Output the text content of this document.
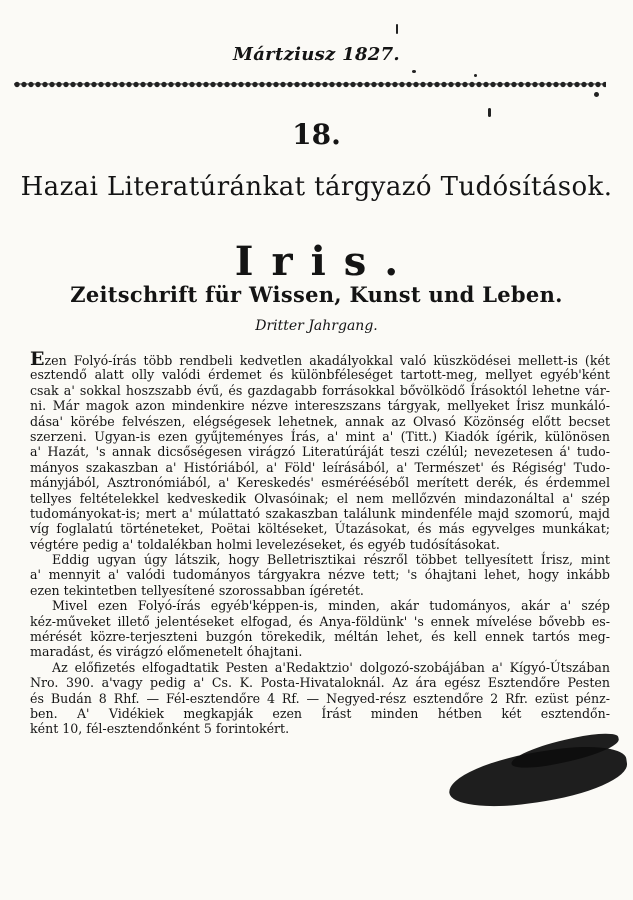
Mártziusz 1827.
18.
Hazai Literatúránkat tárgyazó Tudósítások.
Iris.
Zeitschrift für Wissen, Kunst und Leben.
Dritter Jahrgang.
Ezen Folyó-írás több rendbeli kedvetlen akadályokkal való küszködései mellett-is (két
esztendő alatt olly valódi érdemet és különbféleséget tartott-meg, mellyet egyéb'ként
csak a' sokkal hoszszabb évű, és gazdagabb forrásokkal bővölködő Írásoktól lehetne vár-
ni. Már magok azon mindenkire nézve intereszszans tárgyak, mellyeket Írisz munkáló-
dása' körébe felvészen, elégségesek lehetnek, annak az Olvasó Közönség előtt becset
szerzeni. Ugyan-is ezen gyűjteményes Írás, a' mint a' (Titt.) Kiadók ígérik, különösen
a' Hazát, 's annak dicsőségesen virágzó Literatúráját teszi czélúl; nevezetesen á' tudo-
mányos szakaszban a' Históriából, a' Föld' leírásából, a' Természet' és Régiség' Tudo-
mányjából, Asztronómiából, a' Kereskedés' esmérééséből merített derék, és érdemmel
tellyes feltételekkel kedveskedik Olvasóinak; el nem mellőzvén mindazonáltal a' szép
tudományokat-is; mert a' múlattató szakaszban találunk mindenféle majd szomorú, majd
víg foglalatú történeteket, Poëtai költéseket, Útazásokat, és más egyvelges munkákat;
végtére pedig a' toldalékban holmi levelezéseket, és egyéb tudósításokat.
Eddig ugyan úgy látszik, hogy Belletrisztikai részről többet tellyesített Írisz, mint
a' mennyit a' valódi tudományos tárgyakra nézve tett; 's óhajtani lehet, hogy inkább
ezen tekintetben tellyesítené szorossabban ígéretét.
Mivel ezen Folyó-írás egyéb'képpen-is, minden, akár tudományos, akár a' szép
kéz-műveket illető jelentéseket elfogad, és Anya-földünk' 's ennek mívelése bővebb es-
mérését közre-terjeszteni buzgón törekedik, méltán lehet, és kell ennek tartós meg-
maradást, és virágzó előmenetelt óhajtani.
Az előfizetés elfogadtatik Pesten a'Redaktzio' dolgozó-szobájában a' Kígyó-Útszában
Nro. 390. a'vagy pedig a' Cs. K. Posta-Hivataloknál. Az ára egész Esztendőre Pesten
és Budán 8 Rhf. — Fél-esztendőre 4 Rf. — Negyed-rész esztendőre 2 Rfr. ezüst pénz-
ben. A' Vidékiek megkapják ezen Írást minden hétben két esztendőn-
ként 10, fél-esztendőnként 5 forintokért.
